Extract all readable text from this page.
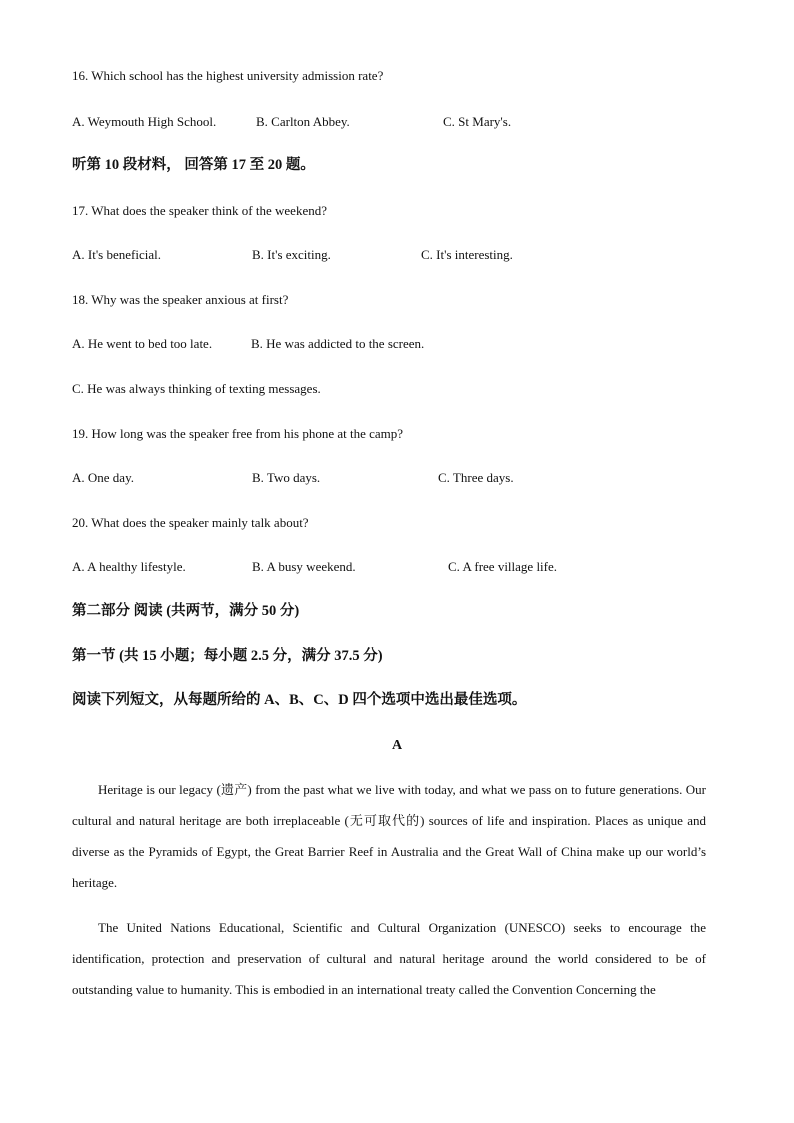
16. Which school has the highest university admission rate?
A. Weymouth High School.	B. Carlton Abbey.	C. St Mary's.
听第 10 段材料， 回答第 17 至 20 题。
17. What does the speaker think of the weekend?
A. It's beneficial.	B. It's exciting.	C. It's interesting.
18. Why was the speaker anxious at first?
A. He went to bed too late.	B. He was addicted to the screen.
C. He was always thinking of texting messages.
19. How long was the speaker free from his phone at the camp?
A. One day.	B. Two days.	C. Three days.
20. What does the speaker mainly talk about?
A. A healthy lifestyle.	B. A busy weekend.	C. A free village life.
第二部分 阅读 (共两节，满分 50 分)
第一节 (共 15 小题；每小题 2.5 分，满分 37.5 分)
阅读下列短文，从每题所给的 A、B、C、D 四个选项中选出最佳选项。
A
Heritage is our legacy (遗产) from the past what we live with today, and what we pass on to future generations. Our cultural and natural heritage are both irreplaceable (无可取代的) sources of life and inspiration. Places as unique and diverse as the Pyramids of Egypt, the Great Barrier Reef in Australia and the Great Wall of China make up our world’s heritage.
The United Nations Educational, Scientific and Cultural Organization (UNESCO) seeks to encourage the identification, protection and preservation of cultural and natural heritage around the world considered to be of outstanding value to humanity. This is embodied in an international treaty called the Convention Concerning the
